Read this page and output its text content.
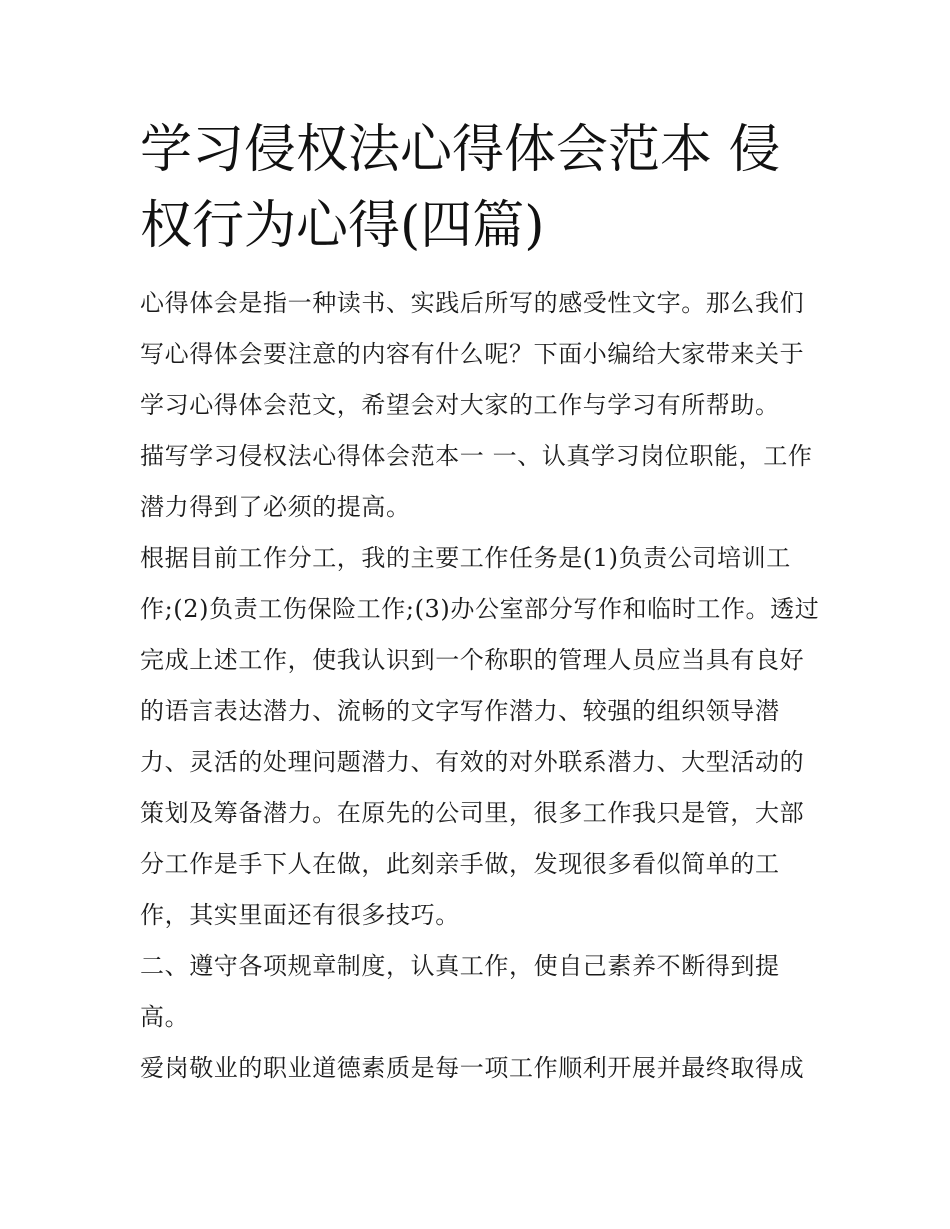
学习侵权法心得体会范本 侵权行为心得(四篇)

心得体会是指一种读书、实践后所写的感受性文字。那么我们写心得体会要注意的内容有什么呢？下面小编给大家带来关于学习心得体会范文，希望会对大家的工作与学习有所帮助。

描写学习侵权法心得体会范本一 一、认真学习岗位职能，工作潜力得到了必须的提高。

根据目前工作分工，我的主要工作任务是(1)负责公司培训工作;(2)负责工伤保险工作;(3)办公室部分写作和临时工作。透过完成上述工作，使我认识到一个称职的管理人员应当具有良好的语言表达潜力、流畅的文字写作潜力、较强的组织领导潜力、灵活的处理问题潜力、有效的对外联系潜力、大型活动的策划及筹备潜力。在原先的公司里，很多工作我只是管，大部分工作是手下人在做，此刻亲手做，发现很多看似简单的工作，其实里面还有很多技巧。

二、遵守各项规章制度，认真工作，使自己素养不断得到提高。

爱岗敬业的职业道德素质是每一项工作顺利开展并最终取得成
